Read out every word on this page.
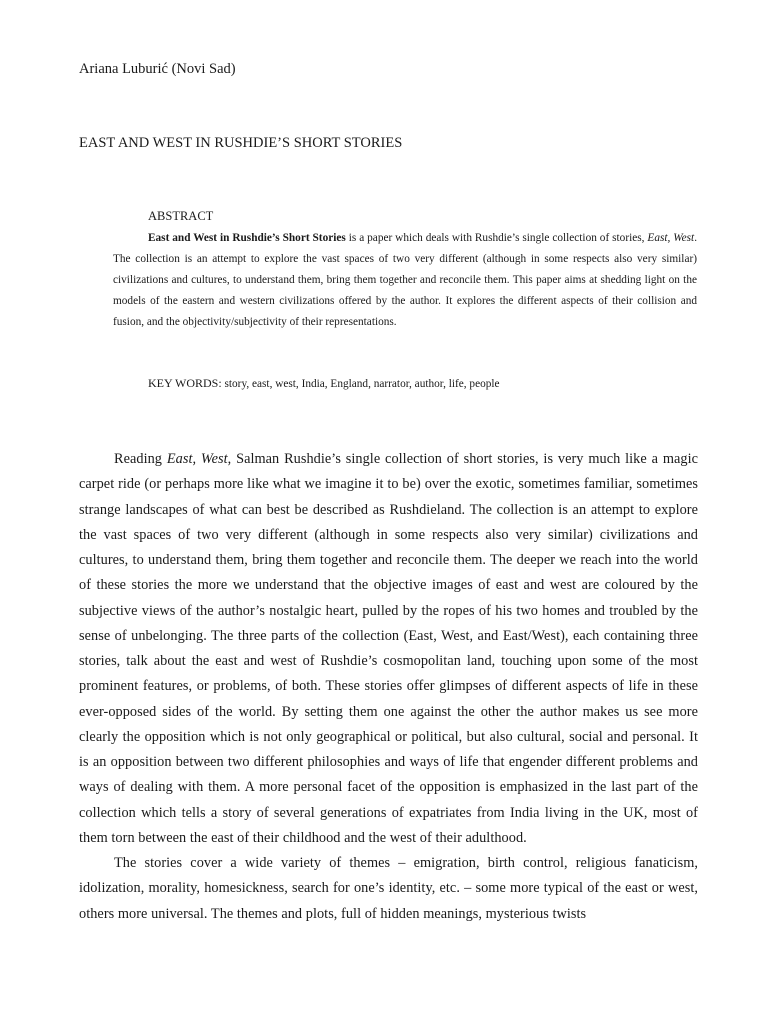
Ariana Luburić (Novi Sad)
EAST AND WEST IN RUSHDIE’S SHORT STORIES
ABSTRACT

East and West in Rushdie’s Short Stories is a paper which deals with Rushdie’s single collection of stories, East, West. The collection is an attempt to explore the vast spaces of two very different (although in some respects also very similar) civilizations and cultures, to understand them, bring them together and reconcile them. This paper aims at shedding light on the models of the eastern and western civilizations offered by the author. It explores the different aspects of their collision and fusion, and the objectivity/subjectivity of their representations.

KEY WORDS: story, east, west, India, England, narrator, author, life, people

Reading East, West, Salman Rushdie’s single collection of short stories, is very much like a magic carpet ride (or perhaps more like what we imagine it to be) over the exotic, sometimes familiar, sometimes strange landscapes of what can best be described as Rushdieland. The collection is an attempt to explore the vast spaces of two very different (although in some respects also very similar) civilizations and cultures, to understand them, bring them together and reconcile them. The deeper we reach into the world of these stories the more we understand that the objective images of east and west are coloured by the subjective views of the author’s nostalgic heart, pulled by the ropes of his two homes and troubled by the sense of unbelonging. The three parts of the collection (East, West, and East/West), each containing three stories, talk about the east and west of Rushdie’s cosmopolitan land, touching upon some of the most prominent features, or problems, of both. These stories offer glimpses of different aspects of life in these ever-opposed sides of the world. By setting them one against the other the author makes us see more clearly the opposition which is not only geographical or political, but also cultural, social and personal. It is an opposition between two different philosophies and ways of life that engender different problems and ways of dealing with them. A more personal facet of the opposition is emphasized in the last part of the collection which tells a story of several generations of expatriates from India living in the UK, most of them torn between the east of their childhood and the west of their adulthood.

The stories cover a wide variety of themes – emigration, birth control, religious fanaticism, idolization, morality, homesickness, search for one’s identity, etc. – some more typical of the east or west, others more universal. The themes and plots, full of hidden meanings, mysterious twists
